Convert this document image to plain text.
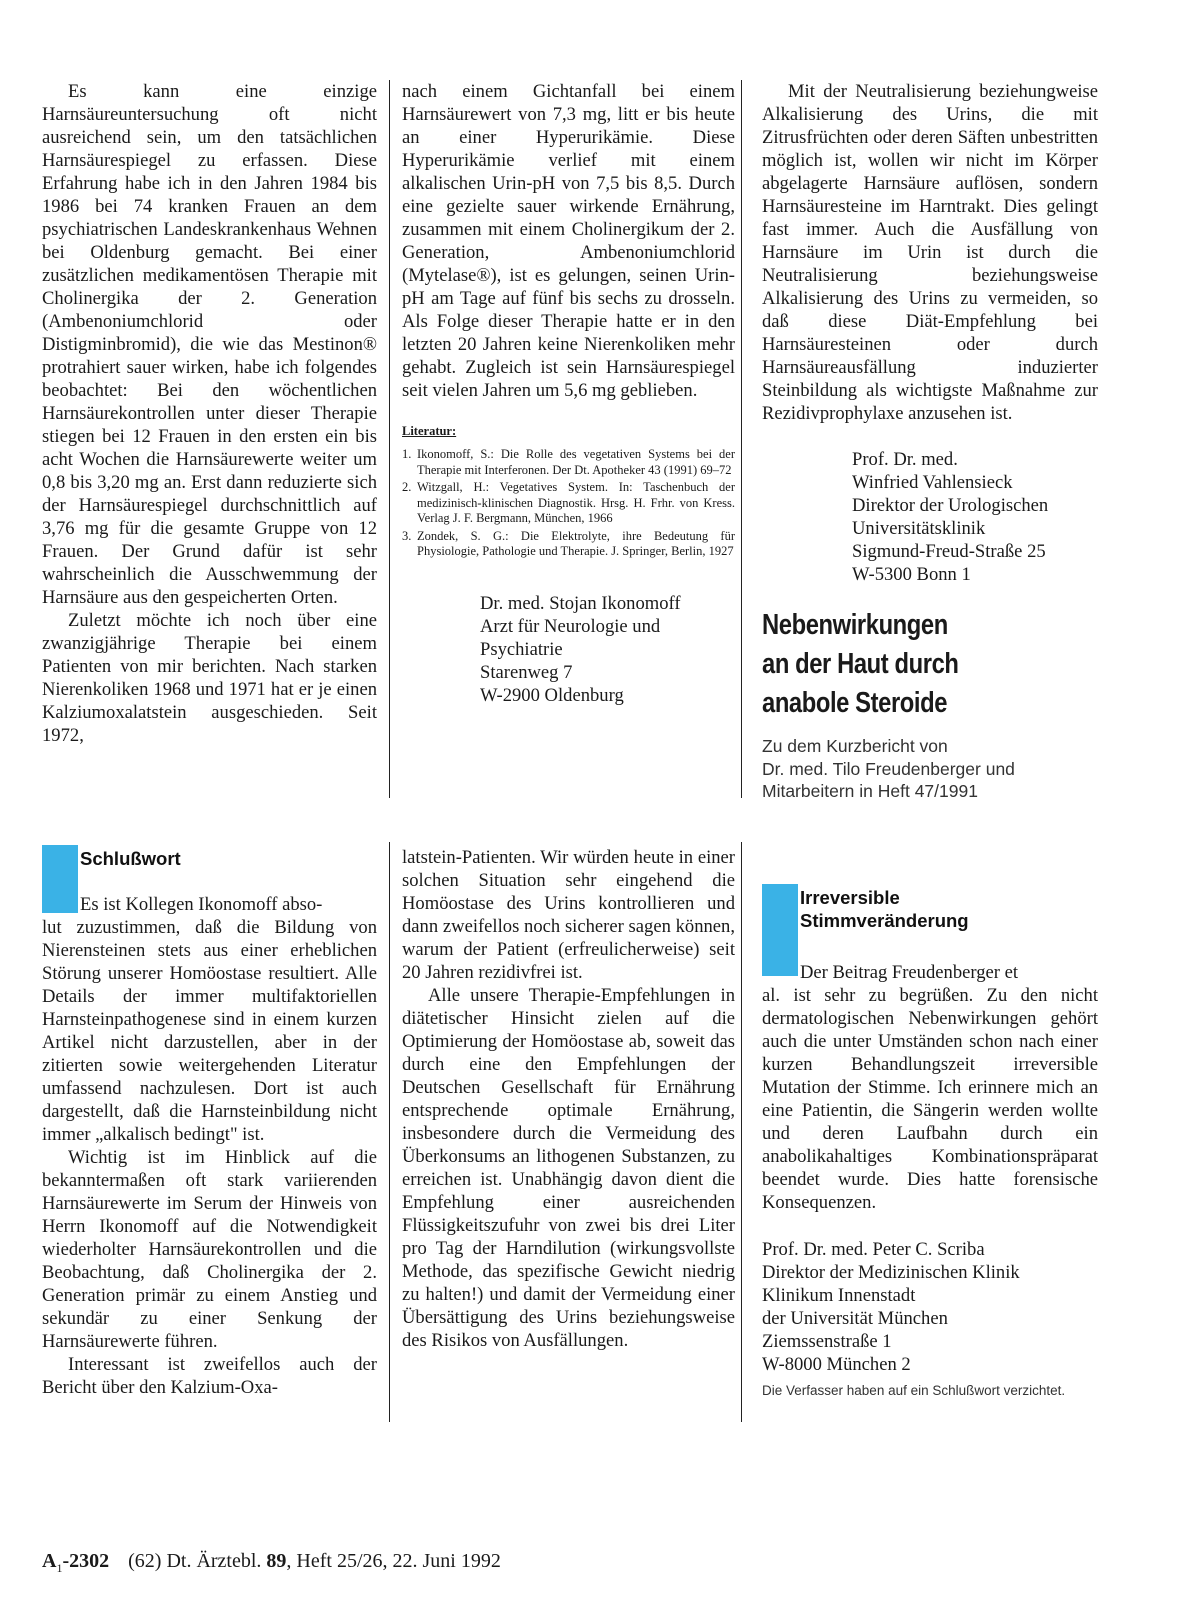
Es kann eine einzige Harnsäureuntersuchung oft nicht ausreichend sein, um den tatsächlichen Harnsäurespiegel zu erfassen. Diese Erfahrung habe ich in den Jahren 1984 bis 1986 bei 74 kranken Frauen an dem psychiatrischen Landeskrankenhaus Wehnen bei Oldenburg gemacht. Bei einer zusätzlichen medikamentösen Therapie mit Cholinergika der 2. Generation (Ambenoniumchlorid oder Distigminbromid), die wie das Mestinon® protrahiert sauer wirken, habe ich folgendes beobachtet: Bei den wöchentlichen Harnsäurekontrollen unter dieser Therapie stiegen bei 12 Frauen in den ersten ein bis acht Wochen die Harnsäurewerte weiter um 0,8 bis 3,20 mg an. Erst dann reduzierte sich der Harnsäurespiegel durchschnittlich auf 3,76 mg für die gesamte Gruppe von 12 Frauen. Der Grund dafür ist sehr wahrscheinlich die Ausschwemmung der Harnsäure aus den gespeicherten Orten.

Zuletzt möchte ich noch über eine zwanzigjährige Therapie bei einem Patienten von mir berichten. Nach starken Nierenkoliken 1968 und 1971 hat er je einen Kalziumoxalatstein ausgeschieden. Seit 1972,

nach einem Gichtanfall bei einem Harnsäurewert von 7,3 mg, litt er bis heute an einer Hyperurikämie. Diese Hyperurikämie verlief mit einem alkalischen Urin-pH von 7,5 bis 8,5. Durch eine gezielte sauer wirkende Ernährung, zusammen mit einem Cholinergikum der 2. Generation, Ambenoniumchlorid (Mytelase®), ist es gelungen, seinen Urin-pH am Tage auf fünf bis sechs zu drosseln. Als Folge dieser Therapie hatte er in den letzten 20 Jahren keine Nierenkoliken mehr gehabt. Zugleich ist sein Harnsäurespiegel seit vielen Jahren um 5,6 mg geblieben.
Literatur:
1. Ikonomoff, S.: Die Rolle des vegetativen Systems bei der Therapie mit Interferonen. Der Dt. Apotheker 43 (1991) 69–72
2. Witzgall, H.: Vegetatives System. In: Taschenbuch der medizinisch-klinischen Diagnostik. Hrsg. H. Frhr. von Kress. Verlag J. F. Bergmann, München, 1966
3. Zondek, S. G.: Die Elektrolyte, ihre Bedeutung für Physiologie, Pathologie und Therapie. J. Springer, Berlin, 1927
Dr. med. Stojan Ikonomoff
Arzt für Neurologie und
Psychiatrie
Starenweg 7
W-2900 Oldenburg
Mit der Neutralisierung beziehungweise Alkalisierung des Urins, die mit Zitrusfrüchten oder deren Säften unbestritten möglich ist, wollen wir nicht im Körper abgelagerte Harnsäure auflösen, sondern Harnsäuresteine im Harntrakt. Dies gelingt fast immer. Auch die Ausfällung von Harnsäure im Urin ist durch die Neutralisierung beziehungsweise Alkalisierung des Urins zu vermeiden, so daß diese Diät-Empfehlung bei Harnsäuresteinen oder durch Harnsäureausfällung induzierter Steinbildung als wichtigste Maßnahme zur Rezidivprophylaxe anzusehen ist.
Prof. Dr. med.
Winfried Vahlensieck
Direktor der Urologischen
Universitätsklinik
Sigmund-Freud-Straße 25
W-5300 Bonn 1
Nebenwirkungen
an der Haut durch
anabole Steroide
Zu dem Kurzbericht von
Dr. med. Tilo Freudenberger und
Mitarbeitern in Heft 47/1991
Irreversible
Stimmveränderung
Der Beitrag Freudenberger et
al. ist sehr zu begrüßen. Zu den nicht dermatologischen Nebenwirkungen gehört auch die unter Umständen schon nach einer kurzen Behandlungszeit irreversible Mutation der Stimme. Ich erinnere mich an eine Patientin, die Sängerin werden wollte und deren Laufbahn durch ein anabolikahaltiges Kombinationspräparat beendet wurde. Dies hatte forensische Konsequenzen.
Prof. Dr. med. Peter C. Scriba
Direktor der Medizinischen Klinik
Klinikum Innenstadt
der Universität München
Ziemssenstraße 1
W-8000 München 2
Die Verfasser haben auf ein Schlußwort verzichtet.
Schlußwort
Es ist Kollegen Ikonomoff abso-

lut zuzustimmen, daß die Bildung von Nierensteinen stets aus einer erheblichen Störung unserer Homöostase resultiert. Alle Details der immer multifaktoriellen Harnsteinpathogenese sind in einem kurzen Artikel nicht darzustellen, aber in der zitierten sowie weitergehenden Literatur umfassend nachzulesen. Dort ist auch dargestellt, daß die Harnsteinbildung nicht immer „alkalisch bedingt" ist.

Wichtig ist im Hinblick auf die bekanntermaßen oft stark variierenden Harnsäurewerte im Serum der Hinweis von Herrn Ikonomoff auf die Notwendigkeit wiederholter Harnsäurekontrollen und die Beobachtung, daß Cholinergika der 2. Generation primär zu einem Anstieg und sekundär zu einer Senkung der Harnsäurewerte führen.

Interessant ist zweifellos auch der Bericht über den Kalzium-Oxa-

latstein-Patienten. Wir würden heute in einer solchen Situation sehr eingehend die Homöostase des Urins kontrollieren und dann zweifellos noch sicherer sagen können, warum der Patient (erfreulicherweise) seit 20 Jahren rezidivfrei ist.

Alle unsere Therapie-Empfehlungen in diätetischer Hinsicht zielen auf die Optimierung der Homöostase ab, soweit das durch eine den Empfehlungen der Deutschen Gesellschaft für Ernährung entsprechende optimale Ernährung, insbesondere durch die Vermeidung des Überkonsums an lithogenen Substanzen, zu erreichen ist. Unabhängig davon dient die Empfehlung einer ausreichenden Flüssigkeitszufuhr von zwei bis drei Liter pro Tag der Harndilution (wirkungsvollste Methode, das spezifische Gewicht niedrig zu halten!) und damit der Vermeidung einer Übersättigung des Urins beziehungsweise des Risikos von Ausfällungen.

$A_1-2302$ (62) Dt. Ärztebl. 89, Heft 25/26, 22. Juni 1992
